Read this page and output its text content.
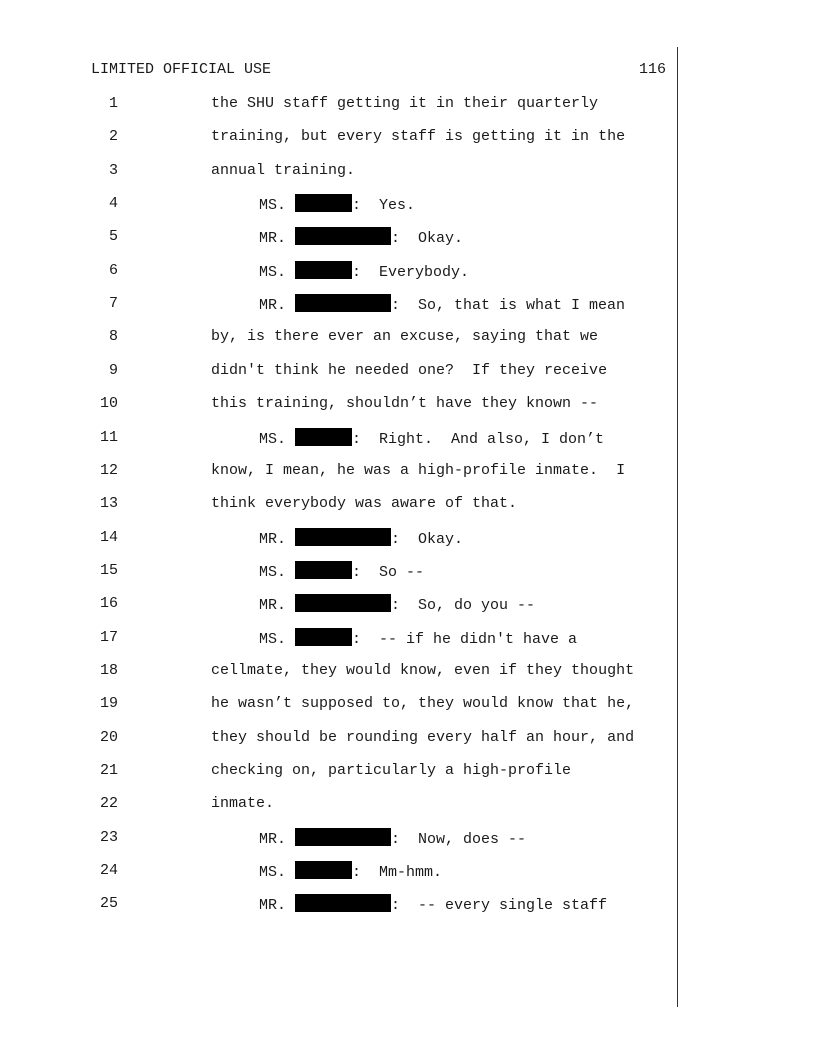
LIMITED OFFICIAL USE	116
1	the SHU staff getting it in their quarterly
2	training, but every staff is getting it in the
3	annual training.
4	MS.	:  Yes.
5	MR.	:  Okay.
6	MS.	:  Everybody.
7	MR.	:  So, that is what I mean
8	by, is there ever an excuse, saying that we
9	didn't think he needed one?  If they receive
10	this training, shouldn’t have they known --
11	MS.	:  Right.  And also, I don’t
12	know, I mean, he was a high-profile inmate.  I
13	think everybody was aware of that.
14	MR.	:  Okay.
15	MS.	:  So --
16	MR.	:  So, do you --
17	MS.	:  -- if he didn't have a
18	cellmate, they would know, even if they thought
19	he wasn’t supposed to, they would know that he,
20	they should be rounding every half an hour, and
21	checking on, particularly a high-profile
22	inmate.
23	MR.	:  Now, does --
24	MS.	:  Mm-hmm.
25	MR.	:  -- every single staff
